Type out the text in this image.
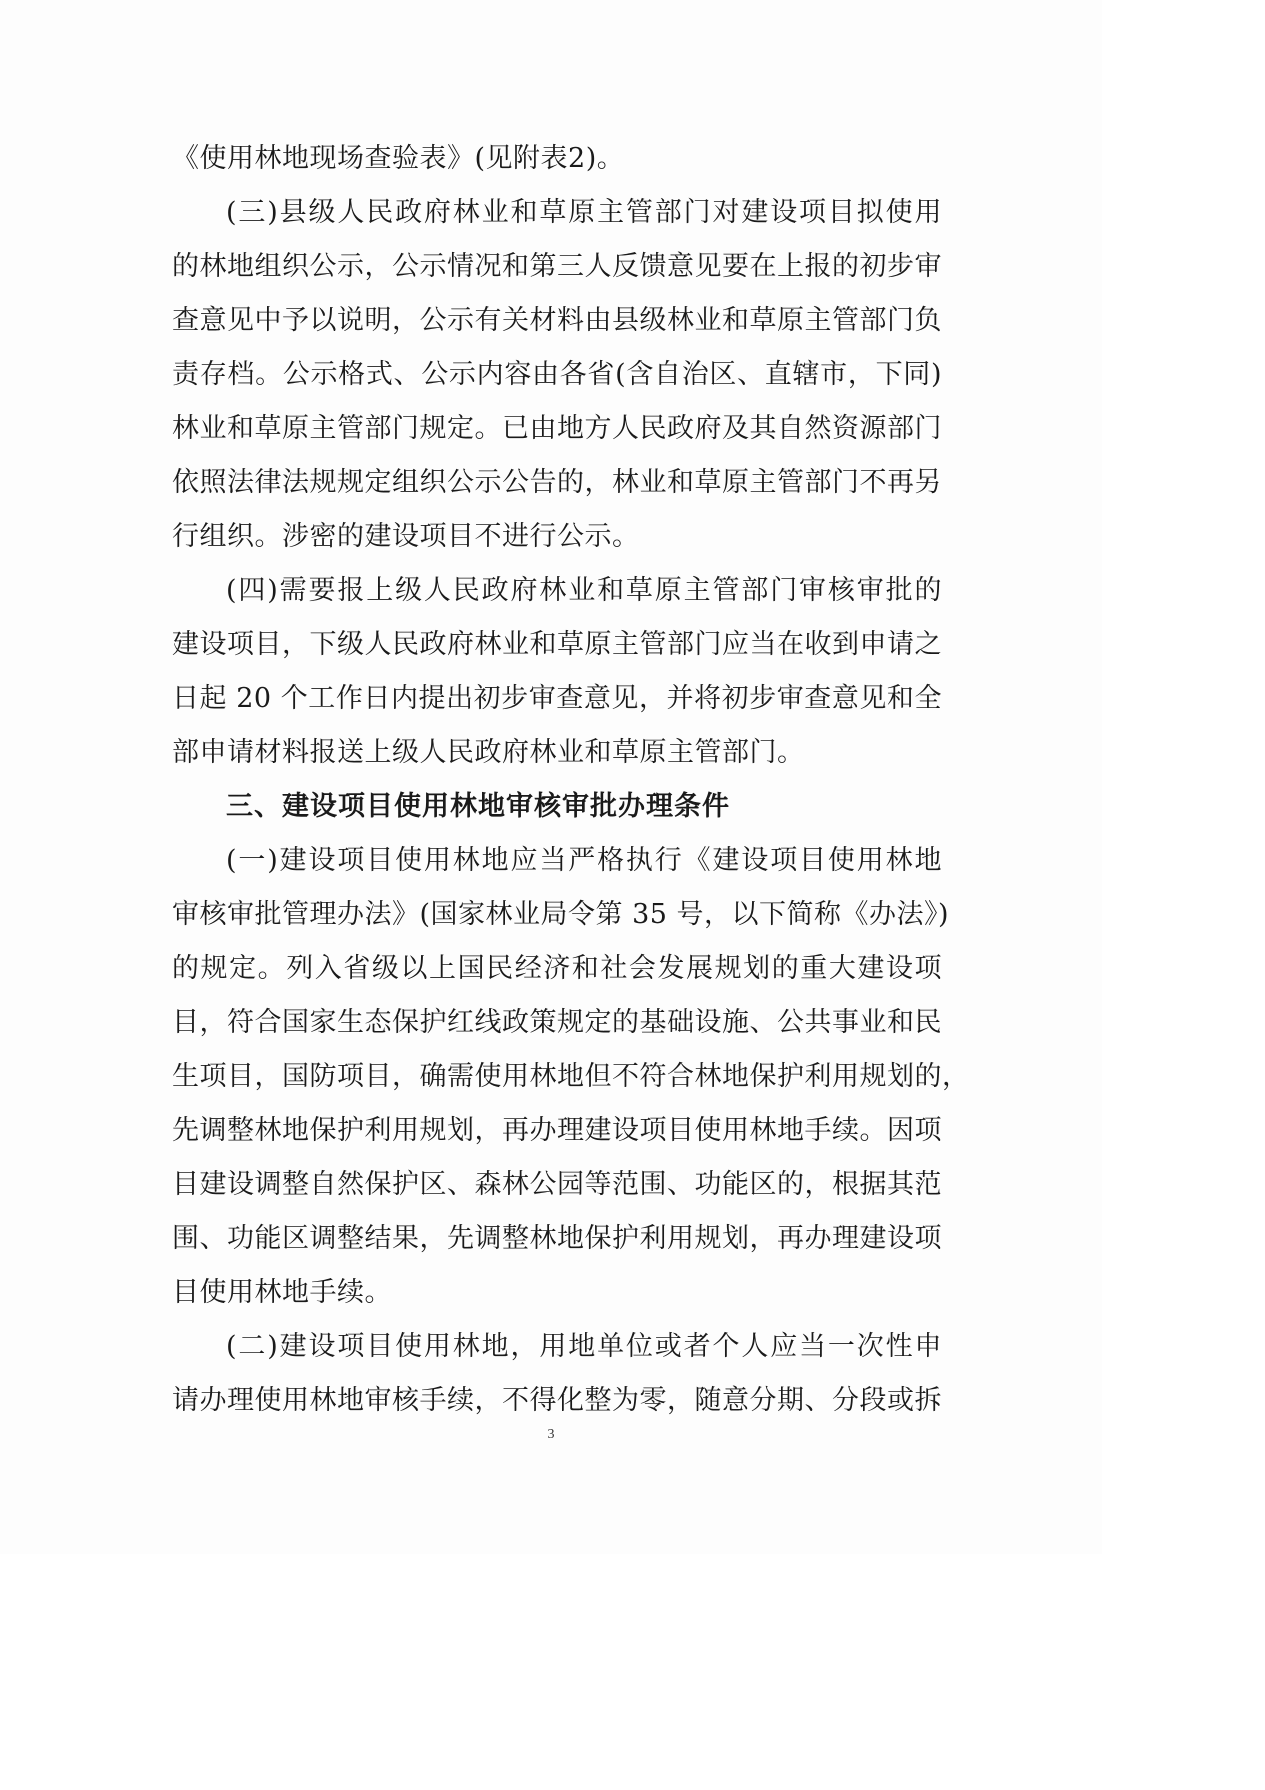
《使用林地现场查验表》(见附表2)。
(三)县级人民政府林业和草原主管部门对建设项目拟使用
的林地组织公示，公示情况和第三人反馈意见要在上报的初步审
查意见中予以说明，公示有关材料由县级林业和草原主管部门负
责存档。公示格式、公示内容由各省(含自治区、直辖市，下同)
林业和草原主管部门规定。已由地方人民政府及其自然资源部门
依照法律法规规定组织公示公告的，林业和草原主管部门不再另
行组织。涉密的建设项目不进行公示。
(四)需要报上级人民政府林业和草原主管部门审核审批的
建设项目，下级人民政府林业和草原主管部门应当在收到申请之
日起 20 个工作日内提出初步审查意见，并将初步审查意见和全
部申请材料报送上级人民政府林业和草原主管部门。
三、建设项目使用林地审核审批办理条件
(一)建设项目使用林地应当严格执行《建设项目使用林地
审核审批管理办法》(国家林业局令第 35 号，以下简称《办法》)
的规定。列入省级以上国民经济和社会发展规划的重大建设项
目，符合国家生态保护红线政策规定的基础设施、公共事业和民
生项目，国防项目，确需使用林地但不符合林地保护利用规划的，
先调整林地保护利用规划，再办理建设项目使用林地手续。因项
目建设调整自然保护区、森林公园等范围、功能区的，根据其范
围、功能区调整结果，先调整林地保护利用规划，再办理建设项
目使用林地手续。
(二)建设项目使用林地，用地单位或者个人应当一次性申
请办理使用林地审核手续，不得化整为零，随意分期、分段或拆
3
